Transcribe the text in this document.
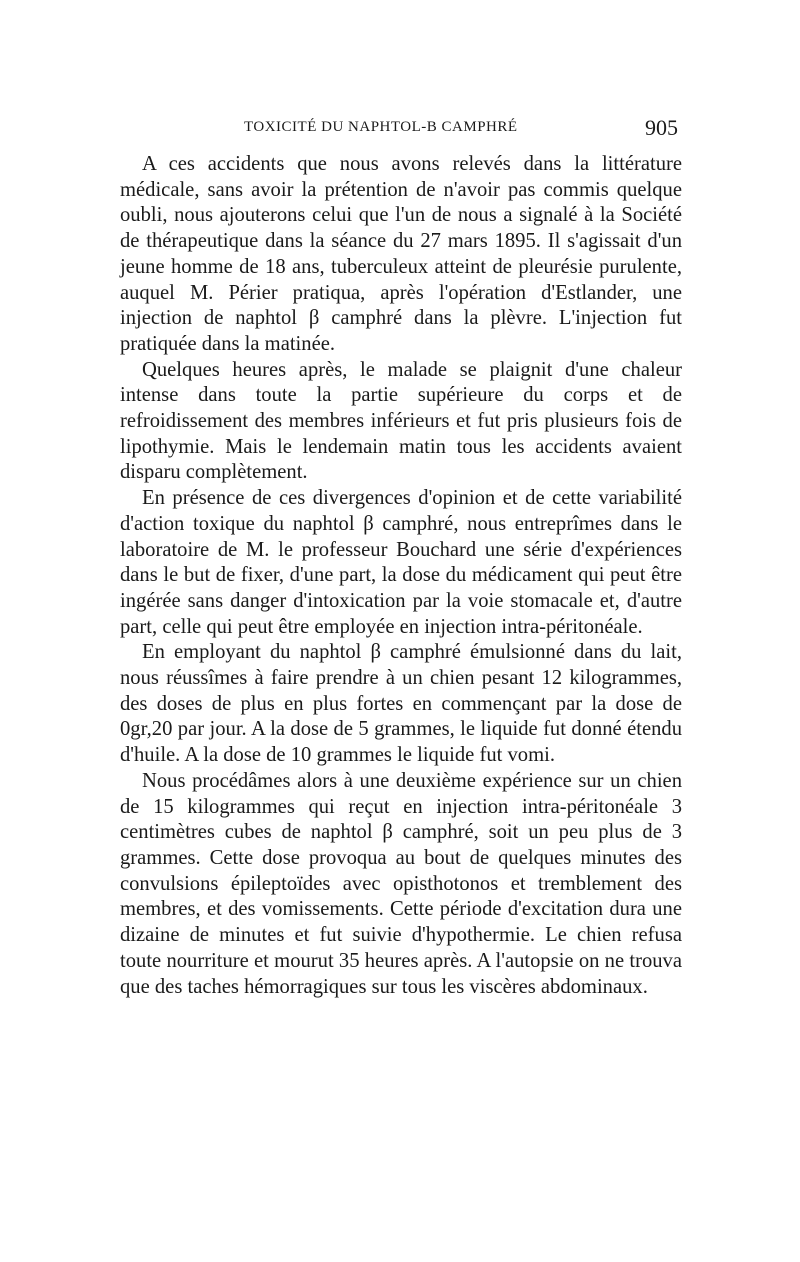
TOXICITÉ DU NAPHTOL-B CAMPHRÉ	905

A ces accidents que nous avons relevés dans la littérature médicale, sans avoir la prétention de n'avoir pas commis quelque oubli, nous ajouterons celui que l'un de nous a signalé à la Société de thérapeutique dans la séance du 27 mars 1895. Il s'agissait d'un jeune homme de 18 ans, tuberculeux atteint de pleurésie purulente, auquel M. Périer pratiqua, après l'opération d'Estlander, une injection de naphtol β camphré dans la plèvre. L'injection fut pratiquée dans la matinée.

Quelques heures après, le malade se plaignit d'une chaleur intense dans toute la partie supérieure du corps et de refroidissement des membres inférieurs et fut pris plusieurs fois de lipothymie. Mais le lendemain matin tous les accidents avaient disparu complètement.

En présence de ces divergences d'opinion et de cette variabilité d'action toxique du naphtol β camphré, nous entreprîmes dans le laboratoire de M. le professeur Bouchard une série d'expériences dans le but de fixer, d'une part, la dose du médicament qui peut être ingérée sans danger d'intoxication par la voie stomacale et, d'autre part, celle qui peut être employée en injection intra-péritonéale.

En employant du naphtol β camphré émulsionné dans du lait, nous réussîmes à faire prendre à un chien pesant 12 kilogrammes, des doses de plus en plus fortes en commençant par la dose de 0gr,20 par jour. A la dose de 5 grammes, le liquide fut donné étendu d'huile. A la dose de 10 grammes le liquide fut vomi.

Nous procédâmes alors à une deuxième expérience sur un chien de 15 kilogrammes qui reçut en injection intra-péritonéale 3 centimètres cubes de naphtol β camphré, soit un peu plus de 3 grammes. Cette dose provoqua au bout de quelques minutes des convulsions épileptoïdes avec opisthotonos et tremblement des membres, et des vomissements. Cette période d'excitation dura une dizaine de minutes et fut suivie d'hypothermie. Le chien refusa toute nourriture et mourut 35 heures après. A l'autopsie on ne trouva que des taches hémorragiques sur tous les viscères abdominaux.
